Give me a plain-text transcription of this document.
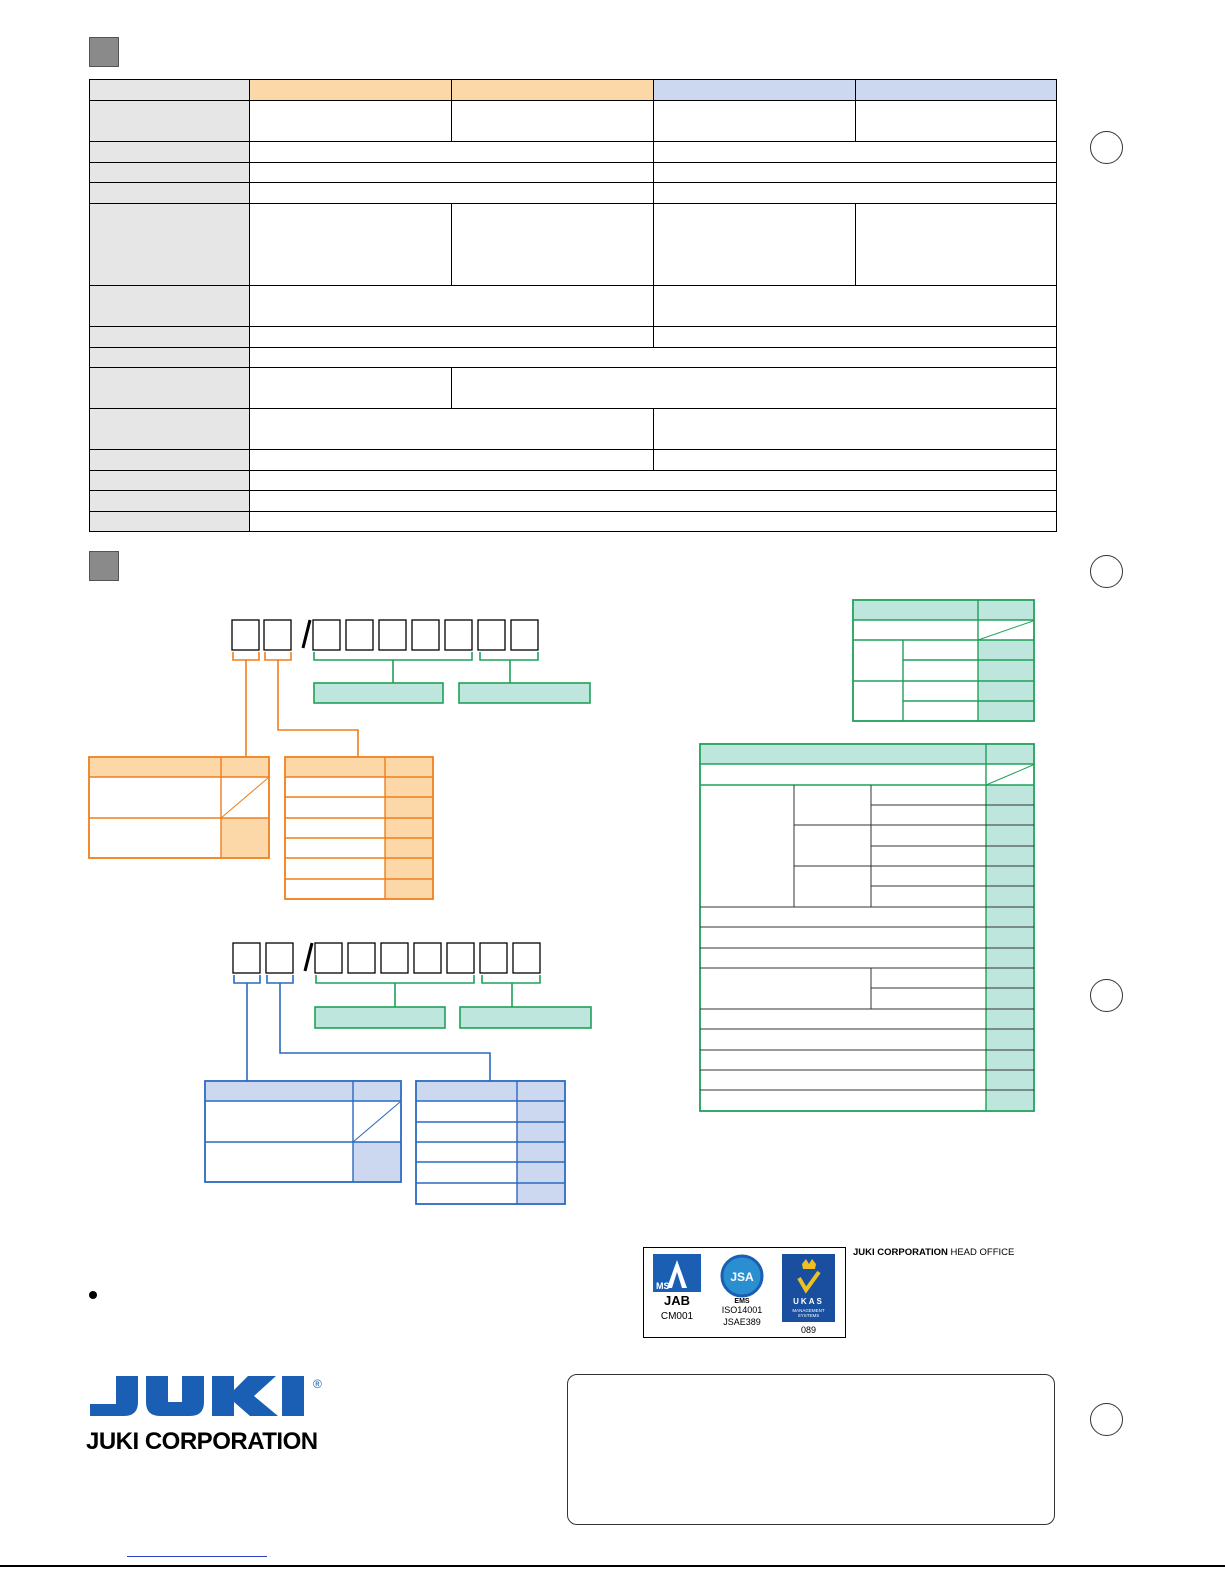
MS
JAB
CM001
JSA
EMS
ISO14001
JSAE389
UKAS
MANAGEMENT
SYSTEMS
089
JUKI CORPORATION HEAD OFFICE
®
JUKI CORPORATION
